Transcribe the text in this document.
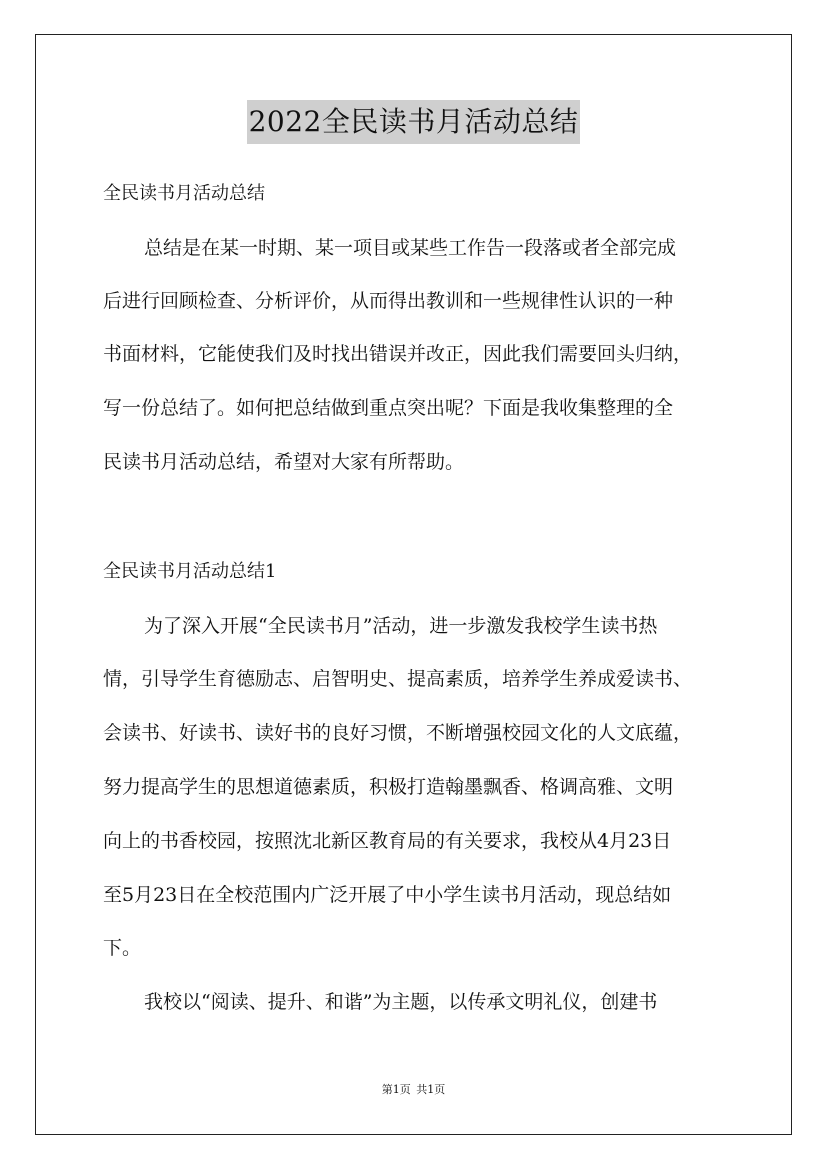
2022全民读书月活动总结
全民读书月活动总结
总结是在某一时期、某一项目或某些工作告一段落或者全部完成
后进行回顾检查、分析评价，从而得出教训和一些规律性认识的一种
书面材料，它能使我们及时找出错误并改正，因此我们需要回头归纳，
写一份总结了。如何把总结做到重点突出呢？下面是我收集整理的全
民读书月活动总结，希望对大家有所帮助。
全民读书月活动总结1
为了深入开展“全民读书月”活动，进一步激发我校学生读书热
情，引导学生育德励志、启智明史、提高素质，培养学生养成爱读书、
会读书、好读书、读好书的良好习惯，不断增强校园文化的人文底蕴，
努力提高学生的思想道德素质，积极打造翰墨飘香、格调高雅、文明
向上的书香校园，按照沈北新区教育局的有关要求，我校从4月23日
至5月23日在全校范围内广泛开展了中小学生读书月活动，现总结如
下。
我校以“阅读、提升、和谐”为主题，以传承文明礼仪，创建书
第1页 共1页
